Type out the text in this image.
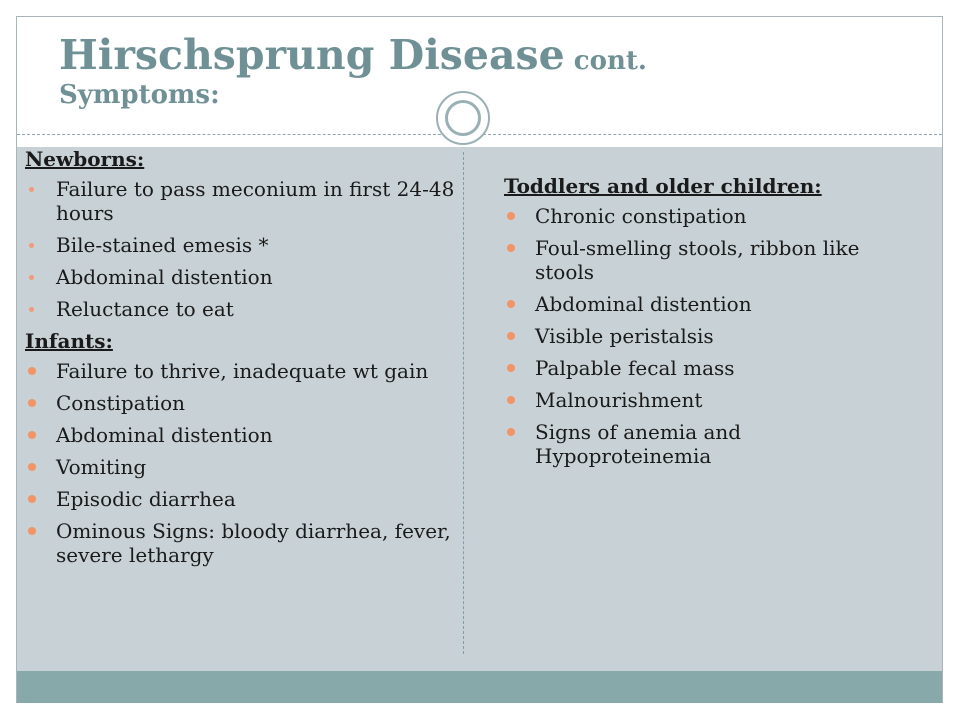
Hirschsprung Disease cont.
Symptoms:
Newborns:
Failure to pass meconium in first 24-48 hours
Bile-stained emesis *
Abdominal distention
Reluctance to eat
Infants:
Failure to thrive, inadequate wt gain
Constipation
Abdominal distention
Vomiting
Episodic diarrhea
Ominous Signs: bloody diarrhea, fever, severe lethargy
Toddlers and older children:
Chronic constipation
Foul-smelling stools, ribbon like stools
Abdominal distention
Visible peristalsis
Palpable fecal mass
Malnourishment
Signs of anemia and Hypoproteinemia
